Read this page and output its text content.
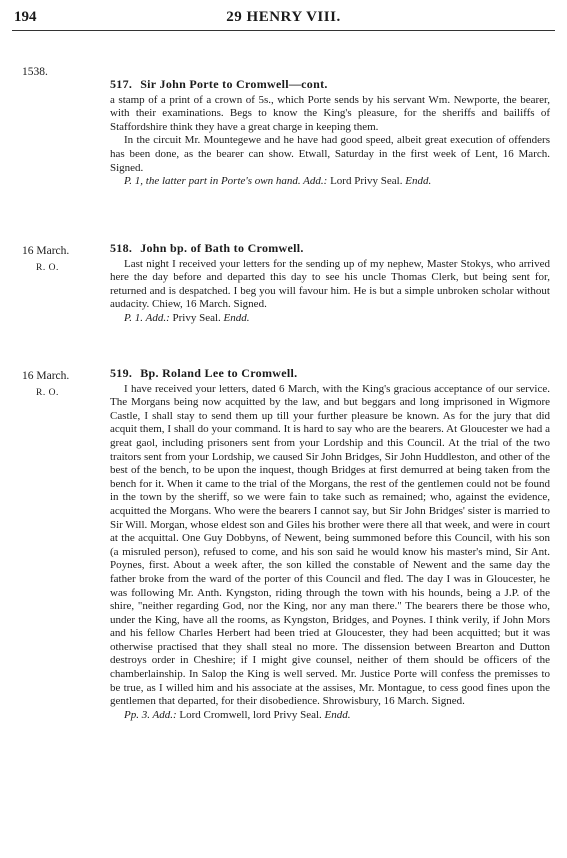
194	29 HENRY VIII.
1538.
517. Sir John Porte to Cromwell—cont.

a stamp of a print of a crown of 5s., which Porte sends by his servant Wm. Newporte, the bearer, with their examinations. Begs to know the King's pleasure, for the sheriffs and bailiffs of Staffordshire think they have a great charge in keeping them.

In the circuit Mr. Mountegewe and he have had good speed, albeit great execution of offenders has been done, as the bearer can show. Etwall, Saturday in the first week of Lent, 16 March. Signed.

P. 1, the latter part in Porte's own hand. Add.: Lord Privy Seal. Endd.

16 March.
R. O.
518. John bp. of Bath to Cromwell.

Last night I received your letters for the sending up of my nephew, Master Stokys, who arrived here the day before and departed this day to see his uncle Thomas Clerk, but being sent for, returned and is despatched. I beg you will favour him. He is but a simple unbroken scholar without audacity. Chiew, 16 March. Signed.

P. 1. Add.: Privy Seal. Endd.

16 March.
R. O.
519. Bp. Roland Lee to Cromwell.

I have received your letters, dated 6 March, with the King's gracious acceptance of our service. The Morgans being now acquitted by the law, and but beggars and long imprisoned in Wigmore Castle, I shall stay to send them up till your further pleasure be known. As for the jury that did acquit them, I shall do your command. It is hard to say who are the bearers. At Gloucester we had a great gaol, including prisoners sent from your Lordship and this Council. At the trial of the two traitors sent from your Lordship, we caused Sir John Bridges, Sir John Huddleston, and other of the best of the bench, to be upon the inquest, though Bridges at first demurred at being taken from the bench for it. When it came to the trial of the Morgans, the rest of the gentlemen could not be found in the town by the sheriff, so we were fain to take such as remained; who, against the evidence, acquitted the Morgans. Who were the bearers I cannot say, but Sir John Bridges' sister is married to Sir Will. Morgan, whose eldest son and Giles his brother were there all that week, and were in court at the acquittal. One Guy Dobbyns, of Newent, being summoned before this Council, with his son (a misruled person), refused to come, and his son said he would know his master's mind, Sir Ant. Poynes, first. About a week after, the son killed the constable of Newent and the same day the father broke from the ward of the porter of this Council and fled. The day I was in Gloucester, he was following Mr. Anth. Kyngston, riding through the town with his hounds, being a J.P. of the shire, "neither regarding God, nor the King, nor any man there." The bearers there be those who, under the King, have all the rooms, as Kyngston, Bridges, and Poynes. I think verily, if John Mors and his fellow Charles Herbert had been tried at Gloucester, they had been acquitted; but it was otherwise practised that they shall steal no more. The dissension between Brearton and Dutton destroys order in Cheshire; if I might give counsel, neither of them should be officers of the chamberlainship. In Salop the King is well served. Mr. Justice Porte will confess the premisses to be true, as I willed him and his associate at the assises, Mr. Montague, to cess good fines upon the gentlemen that departed, for their disobedience. Shrowisbury, 16 March. Signed.

Pp. 3. Add.: Lord Cromwell, lord Privy Seal. Endd.
